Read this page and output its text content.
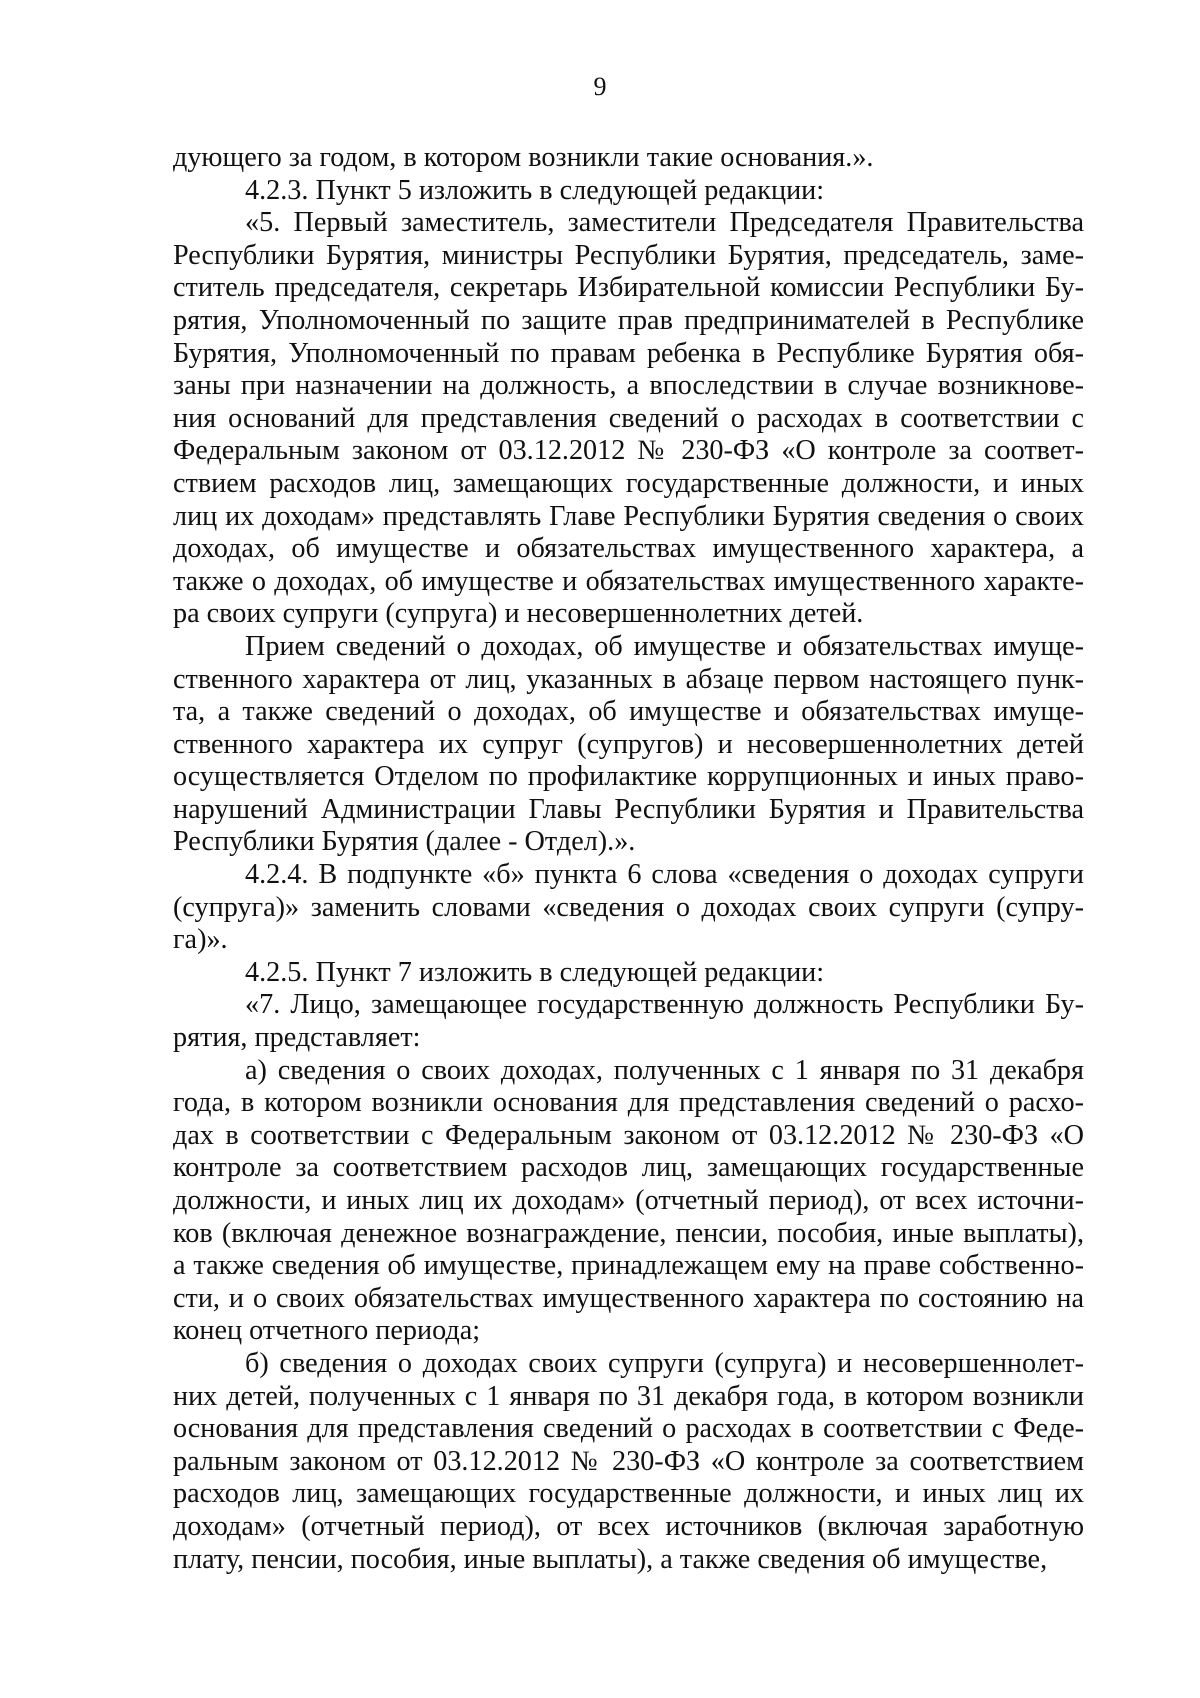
9
дующего за годом, в котором возникли такие основания.».
4.2.3. Пункт 5 изложить в следующей редакции:
«5. Первый заместитель, заместители Председателя Правительства
Республики Бурятия, министры Республики Бурятия, председатель, заме-
ститель председателя, секретарь Избирательной комиссии Республики Бу-
рятия, Уполномоченный по защите прав предпринимателей в Республике
Бурятия, Уполномоченный по правам ребенка в Республике Бурятия обя-
заны при назначении на должность, а впоследствии в случае возникнове-
ния оснований для представления сведений о расходах в соответствии с
Федеральным законом от 03.12.2012 № 230-ФЗ «О контроле за соответ-
ствием расходов лиц, замещающих государственные должности, и иных
лиц их доходам» представлять Главе Республики Бурятия сведения о своих
доходах, об имуществе и обязательствах имущественного характера, а
также о доходах, об имуществе и обязательствах имущественного характе-
ра своих супруги (супруга) и несовершеннолетних детей.
Прием сведений о доходах, об имуществе и обязательствах имуще-
ственного характера от лиц, указанных в абзаце первом настоящего пунк-
та, а также сведений о доходах, об имуществе и обязательствах имуще-
ственного характера их супруг (супругов) и несовершеннолетних детей
осуществляется Отделом по профилактике коррупционных и иных право-
нарушений Администрации Главы Республики Бурятия и Правительства
Республики Бурятия (далее - Отдел).».
4.2.4. В подпункте «б» пункта 6 слова «сведения о доходах супруги
(супруга)» заменить словами «сведения о доходах своих супруги (супру-
га)».
4.2.5. Пункт 7 изложить в следующей редакции:
«7. Лицо, замещающее государственную должность Республики Бу-
рятия, представляет:
а) сведения о своих доходах, полученных с 1 января по 31 декабря
года, в котором возникли основания для представления сведений о расхо-
дах в соответствии с Федеральным законом от 03.12.2012 № 230-ФЗ «О
контроле за соответствием расходов лиц, замещающих государственные
должности, и иных лиц их доходам» (отчетный период), от всех источни-
ков (включая денежное вознаграждение, пенсии, пособия, иные выплаты),
а также сведения об имуществе, принадлежащем ему на праве собственно-
сти, и о своих обязательствах имущественного характера по состоянию на
конец отчетного периода;
б) сведения о доходах своих супруги (супруга) и несовершеннолет-
них детей, полученных с 1 января по 31 декабря года, в котором возникли
основания для представления сведений о расходах в соответствии с Феде-
ральным законом от 03.12.2012 № 230-ФЗ «О контроле за соответствием
расходов лиц, замещающих государственные должности, и иных лиц их
доходам» (отчетный период), от всех источников (включая заработную
плату, пенсии, пособия, иные выплаты), а также сведения об имуществе,
